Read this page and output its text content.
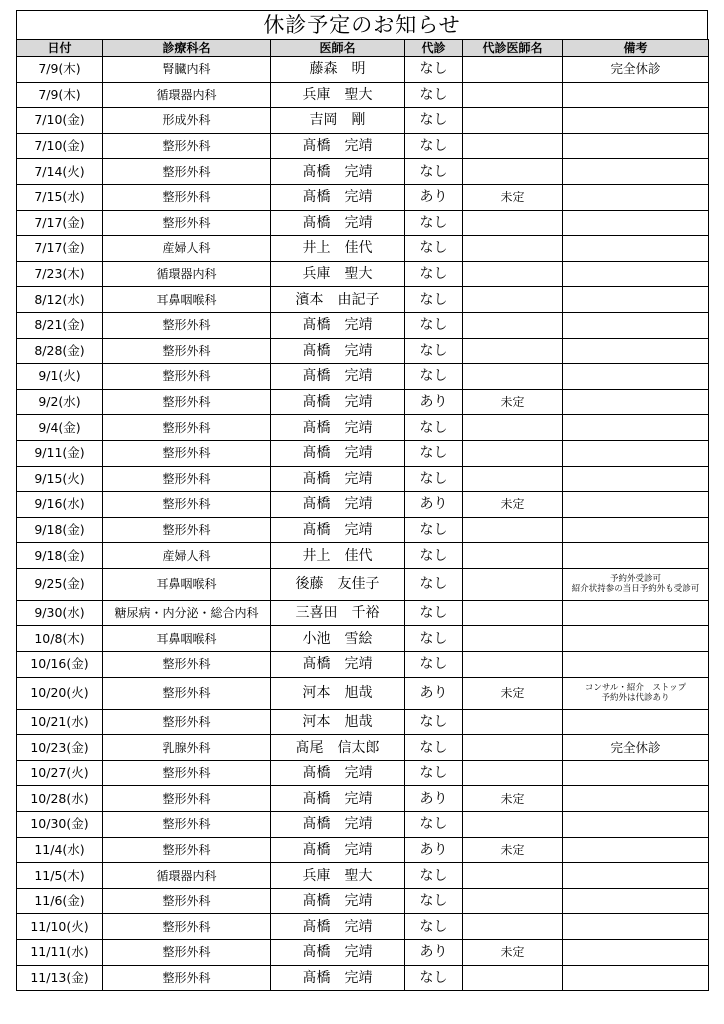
休診予定のお知らせ
日付	診療科名	医師名	代診	代診医師名	備考
7/9(木)	腎臓内科	藤森　明	なし		完全休診

7/9(木)	循環器内科	兵庫　聖大	なし		
7/10(金)	形成外科	吉岡　剛	なし		
7/10(金)	整形外科	髙橋　完靖	なし		
7/14(火)	整形外科	髙橋　完靖	なし		
7/15(水)	整形外科	髙橋　完靖	あり	未定	
7/17(金)	整形外科	髙橋　完靖	なし		
7/17(金)	産婦人科	井上　佳代	なし		
7/23(木)	循環器内科	兵庫　聖大	なし		
8/12(水)	耳鼻咽喉科	濱本　由記子	なし		
8/21(金)	整形外科	髙橋　完靖	なし		
8/28(金)	整形外科	髙橋　完靖	なし		
9/1(火)	整形外科	髙橋　完靖	なし		
9/2(水)	整形外科	髙橋　完靖	あり	未定	
9/4(金)	整形外科	髙橋　完靖	なし		
9/11(金)	整形外科	髙橋　完靖	なし		
9/15(火)	整形外科	髙橋　完靖	なし		
9/16(水)	整形外科	髙橋　完靖	あり	未定	
9/18(金)	整形外科	髙橋　完靖	なし		
9/18(金)	産婦人科	井上　佳代	なし		
9/25(金)	耳鼻咽喉科	後藤　友佳子	なし		予約外受診可
紹介状持参の当日予約外も受診可

9/30(水)	糖尿病・内分泌・総合内科	三喜田　千裕	なし		
10/8(木)	耳鼻咽喉科	小池　雪絵	なし		
10/16(金)	整形外科	髙橋　完靖	なし		
10/20(火)	整形外科	河本　旭哉	あり	未定	コンサル・紹介　ストップ
予約外は代診あり

10/21(水)	整形外科	河本　旭哉	なし		
10/23(金)	乳腺外科	髙尾　信太郎	なし		完全休診

10/27(火)	整形外科	髙橋　完靖	なし		
10/28(水)	整形外科	髙橋　完靖	あり	未定	
10/30(金)	整形外科	髙橋　完靖	なし		
11/4(水)	整形外科	髙橋　完靖	あり	未定	
11/5(木)	循環器内科	兵庫　聖大	なし		
11/6(金)	整形外科	髙橋　完靖	なし		
11/10(火)	整形外科	髙橋　完靖	なし		
11/11(水)	整形外科	髙橋　完靖	あり	未定	
11/13(金)	整形外科	髙橋　完靖	なし		
